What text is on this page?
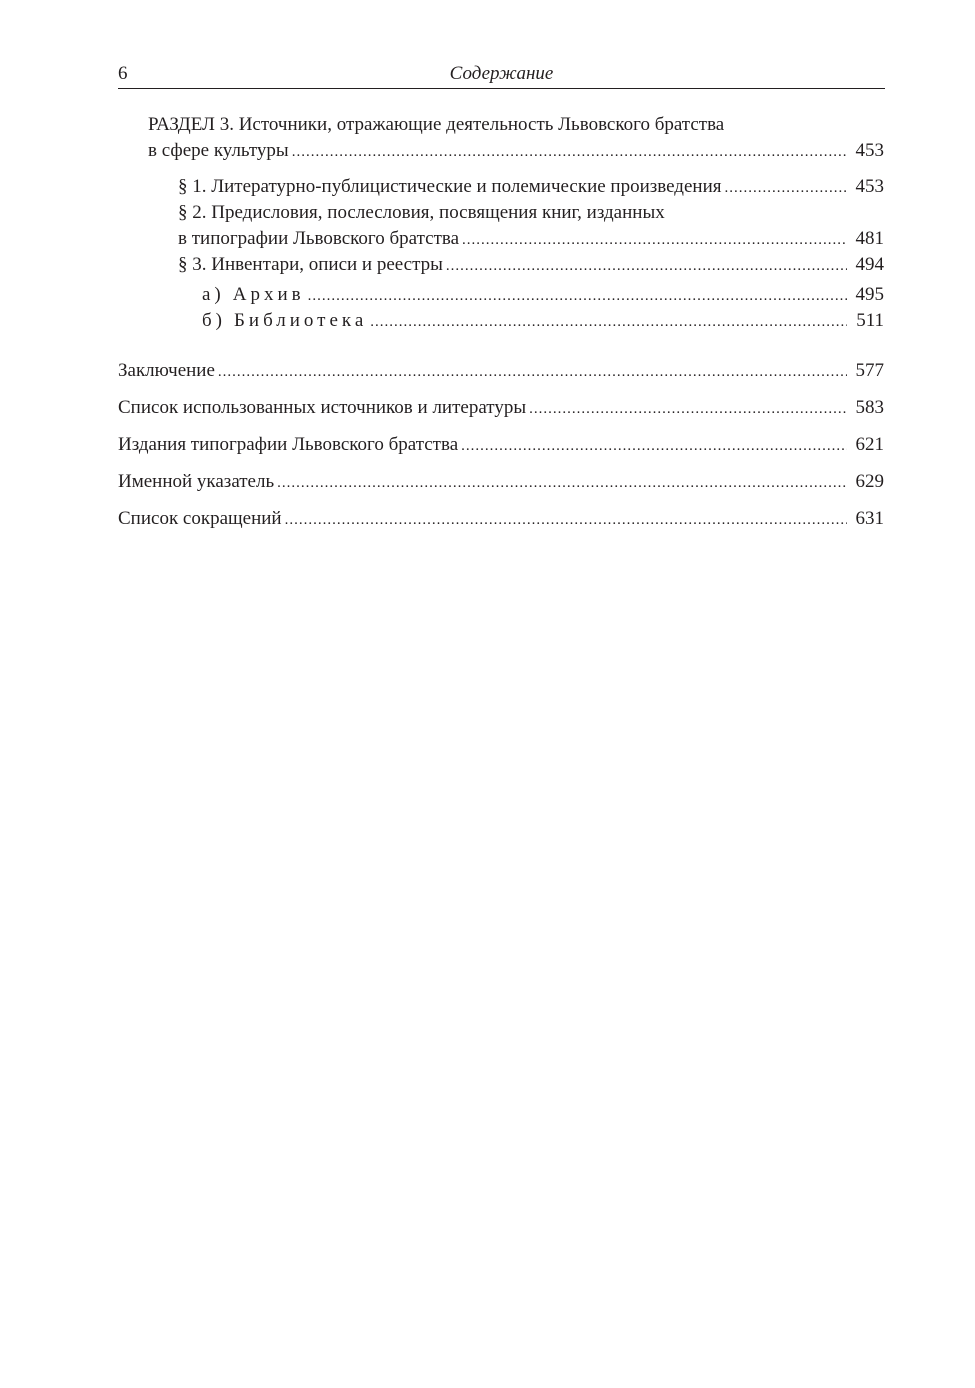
6	Содержание
РАЗДЕЛ 3. Источники, отражающие деятельность Львовского братства
в сфере культуры .....	453
§ 1. Литературно-публицистические и полемические произведения .....	453
§ 2. Предисловия, послесловия, посвящения книг, изданных
в типографии Львовского братства .....	481
§ 3. Инвентари, описи и реестры .....	494
а) Архив .....	495
б) Библиотека .....	511
Заключение .....	577
Список использованных источников и литературы .....	583
Издания типографии Львовского братства .....	621
Именной указатель .....	629
Список сокращений .....	631
